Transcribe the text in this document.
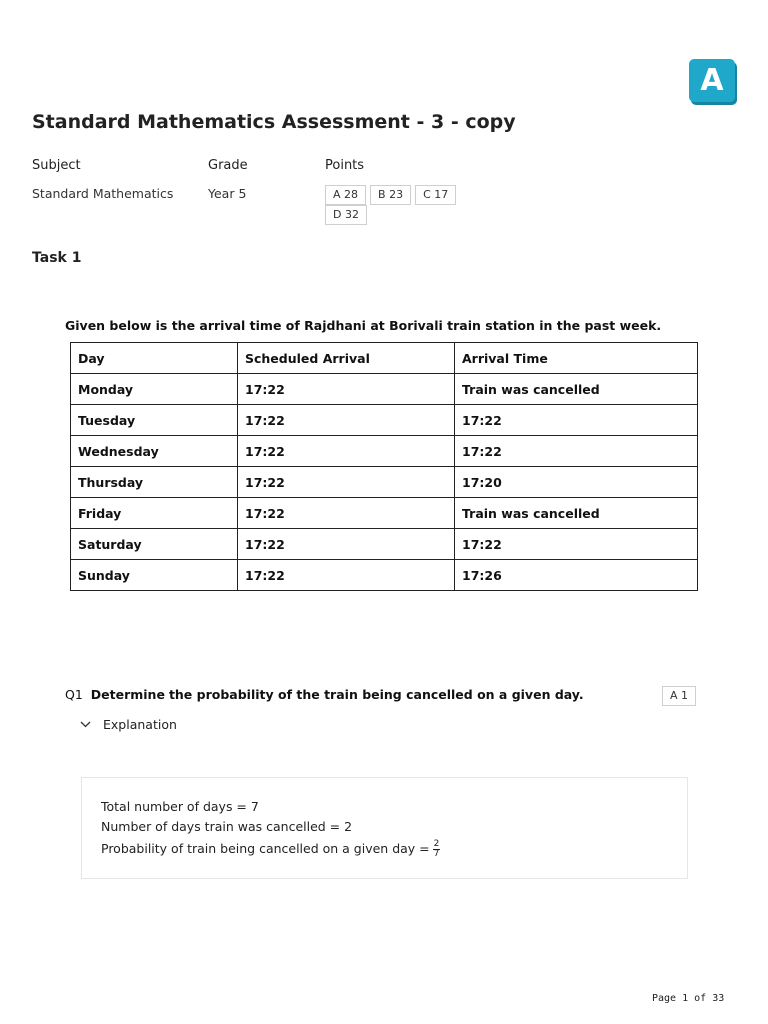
A
Standard Mathematics Assessment - 3 - copy
Subject	Grade	Points
Standard Mathematics	Year 5	A 28 B 23 C 17
D 32
Task 1
Given below is the arrival time of Rajdhani at Borivali train station in the past week.
Day	Scheduled Arrival	Arrival Time
Monday	17:22	Train was cancelled
Tuesday	17:22	17:22
Wednesday	17:22	17:22
Thursday	17:22	17:20
Friday	17:22	Train was cancelled
Saturday	17:22	17:22
Sunday	17:22	17:26
Q1 Determine the probability of the train being cancelled on a given day.	A 1
Explanation
Total number of days = 7
Number of days train was cancelled = 2
Probability of train being cancelled on a given day = $\frac{2}{7}$
Page 1 of 33
